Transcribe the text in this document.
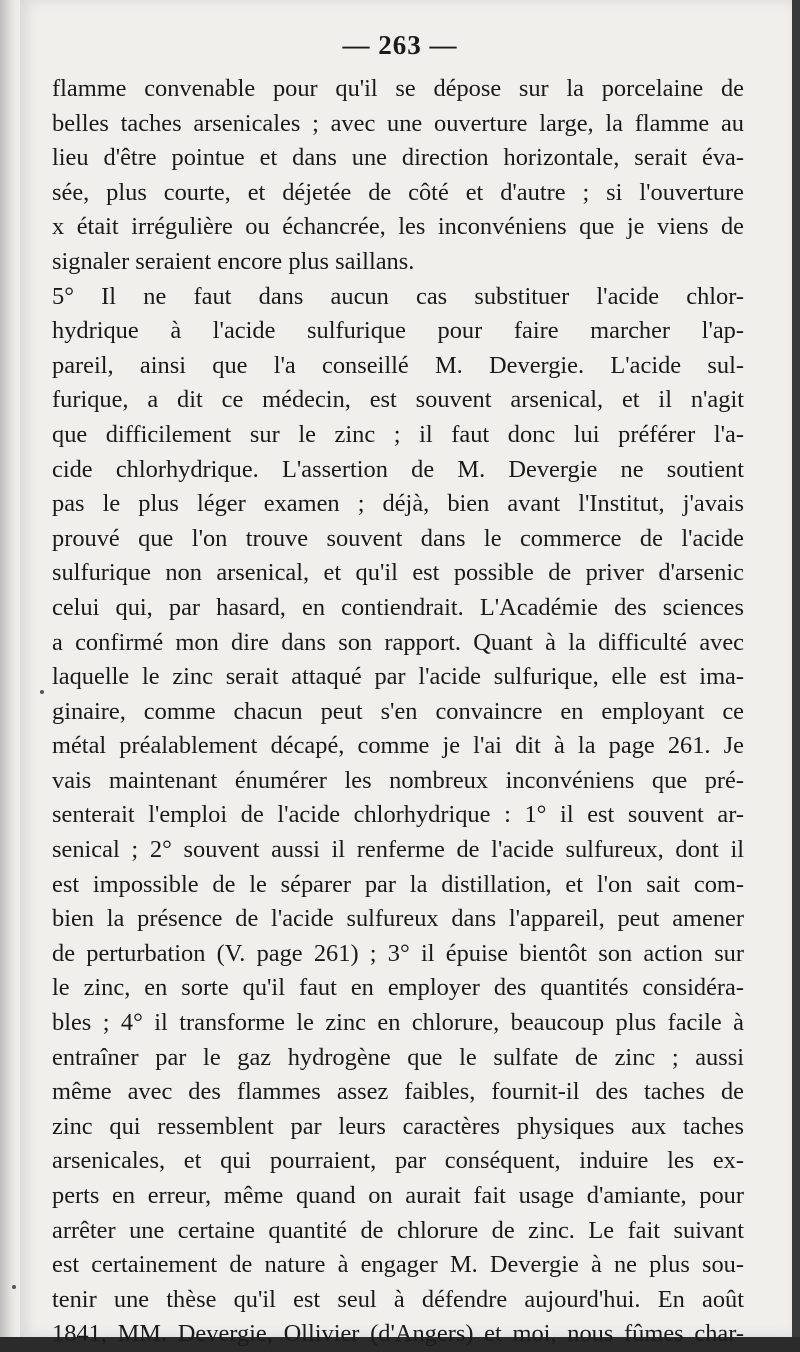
— 263 —
flamme convenable pour qu'il se dépose sur la porcelaine de
belles taches arsenicales ; avec une ouverture large, la flamme au
lieu d'être pointue et dans une direction horizontale, serait éva-
sée, plus courte, et déjetée de côté et d'autre ; si l'ouverture
x était irrégulière ou échancrée, les inconvéniens que je viens de
signaler seraient encore plus saillans.
5° Il ne faut dans aucun cas substituer l'acide chlor-
hydrique à l'acide sulfurique pour faire marcher l'ap-
pareil, ainsi que l'a conseillé M. Devergie. L'acide sul-
furique, a dit ce médecin, est souvent arsenical, et il n'agit
que difficilement sur le zinc ; il faut donc lui préférer l'a-
cide chlorhydrique. L'assertion de M. Devergie ne soutient
pas le plus léger examen ; déjà, bien avant l'Institut, j'avais
prouvé que l'on trouve souvent dans le commerce de l'acide
sulfurique non arsenical, et qu'il est possible de priver d'arsenic
celui qui, par hasard, en contiendrait. L'Académie des sciences
a confirmé mon dire dans son rapport. Quant à la difficulté avec
laquelle le zinc serait attaqué par l'acide sulfurique, elle est ima-
ginaire, comme chacun peut s'en convaincre en employant ce
métal préalablement décapé, comme je l'ai dit à la page 261. Je
vais maintenant énumérer les nombreux inconvéniens que pré-
senterait l'emploi de l'acide chlorhydrique : 1° il est souvent ar-
senical ; 2° souvent aussi il renferme de l'acide sulfureux, dont il
est impossible de le séparer par la distillation, et l'on sait com-
bien la présence de l'acide sulfureux dans l'appareil, peut amener
de perturbation (V. page 261) ; 3° il épuise bientôt son action sur
le zinc, en sorte qu'il faut en employer des quantités considéra-
bles ; 4° il transforme le zinc en chlorure, beaucoup plus facile à
entraîner par le gaz hydrogène que le sulfate de zinc ; aussi
même avec des flammes assez faibles, fournit-il des taches de
zinc qui ressemblent par leurs caractères physiques aux taches
arsenicales, et qui pourraient, par conséquent, induire les ex-
perts en erreur, même quand on aurait fait usage d'amiante, pour
arrêter une certaine quantité de chlorure de zinc. Le fait suivant
est certainement de nature à engager M. Devergie à ne plus sou-
tenir une thèse qu'il est seul à défendre aujourd'hui. En août
1841, MM. Devergie, Ollivier (d'Angers) et moi, nous fûmes char-
